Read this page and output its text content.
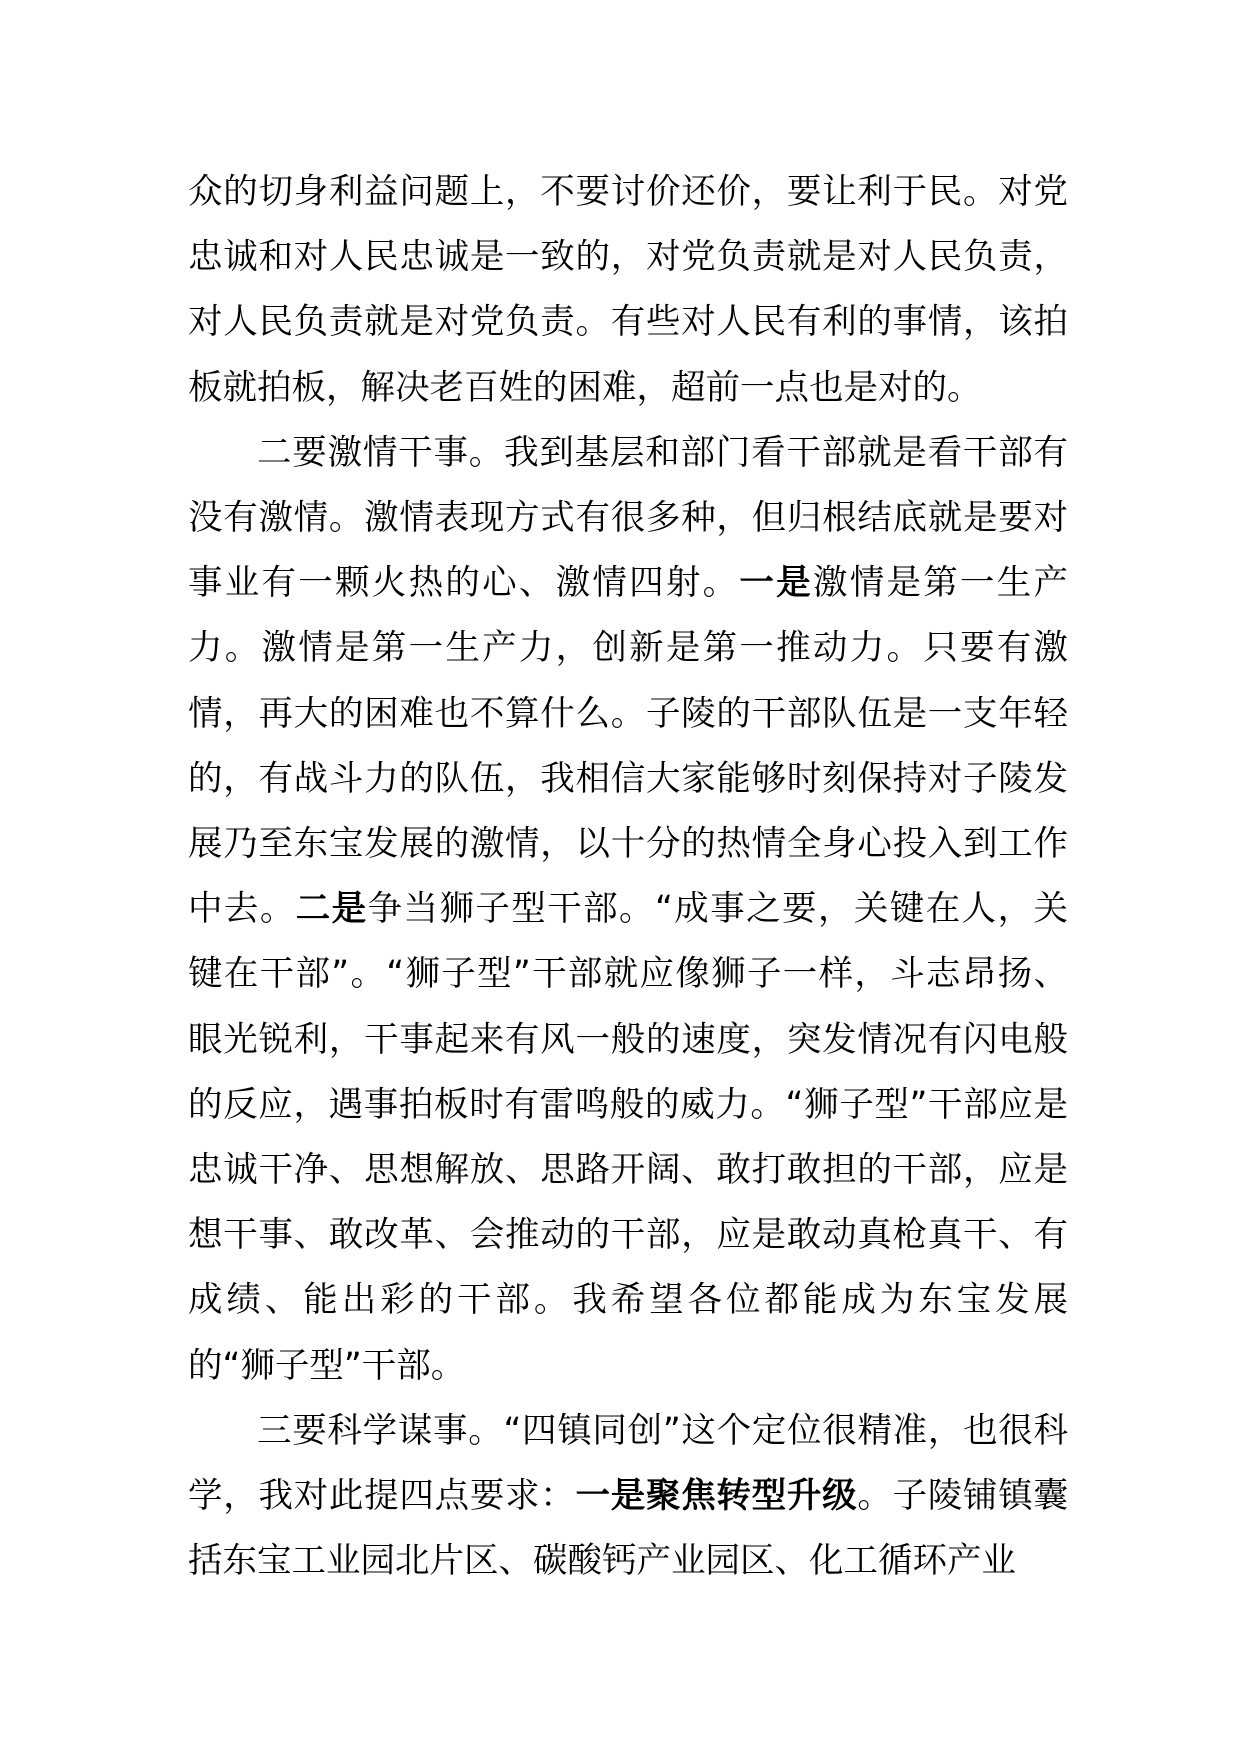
众的切身利益问题上，不要讨价还价，要让利于民。对党忠诚和对人民忠诚是一致的，对党负责就是对人民负责，对人民负责就是对党负责。有些对人民有利的事情，该拍板就拍板，解决老百姓的困难，超前一点也是对的。

二要激情干事。我到基层和部门看干部就是看干部有没有激情。激情表现方式有很多种，但归根结底就是要对事业有一颗火热的心、激情四射。一是激情是第一生产力。激情是第一生产力，创新是第一推动力。只要有激情，再大的困难也不算什么。子陵的干部队伍是一支年轻的，有战斗力的队伍，我相信大家能够时刻保持对子陵发展乃至东宝发展的激情，以十分的热情全身心投入到工作中去。二是争当狮子型干部。“成事之要，关键在人，关键在干部”。“狮子型”干部就应像狮子一样，斗志昂扬、眼光锐利，干事起来有风一般的速度，突发情况有闪电般的反应，遇事拍板时有雷鸣般的威力。“狮子型”干部应是忠诚干净、思想解放、思路开阔、敢打敢担的干部，应是想干事、敢改革、会推动的干部，应是敢动真枪真干、有成绩、能出彩的干部。我希望各位都能成为东宝发展的“狮子型”干部。

三要科学谋事。“四镇同创”这个定位很精准，也很科学，我对此提四点要求：一是聚焦转型升级。子陵铺镇囊括东宝工业园北片区、碳酸钙产业园区、化工循环产业
